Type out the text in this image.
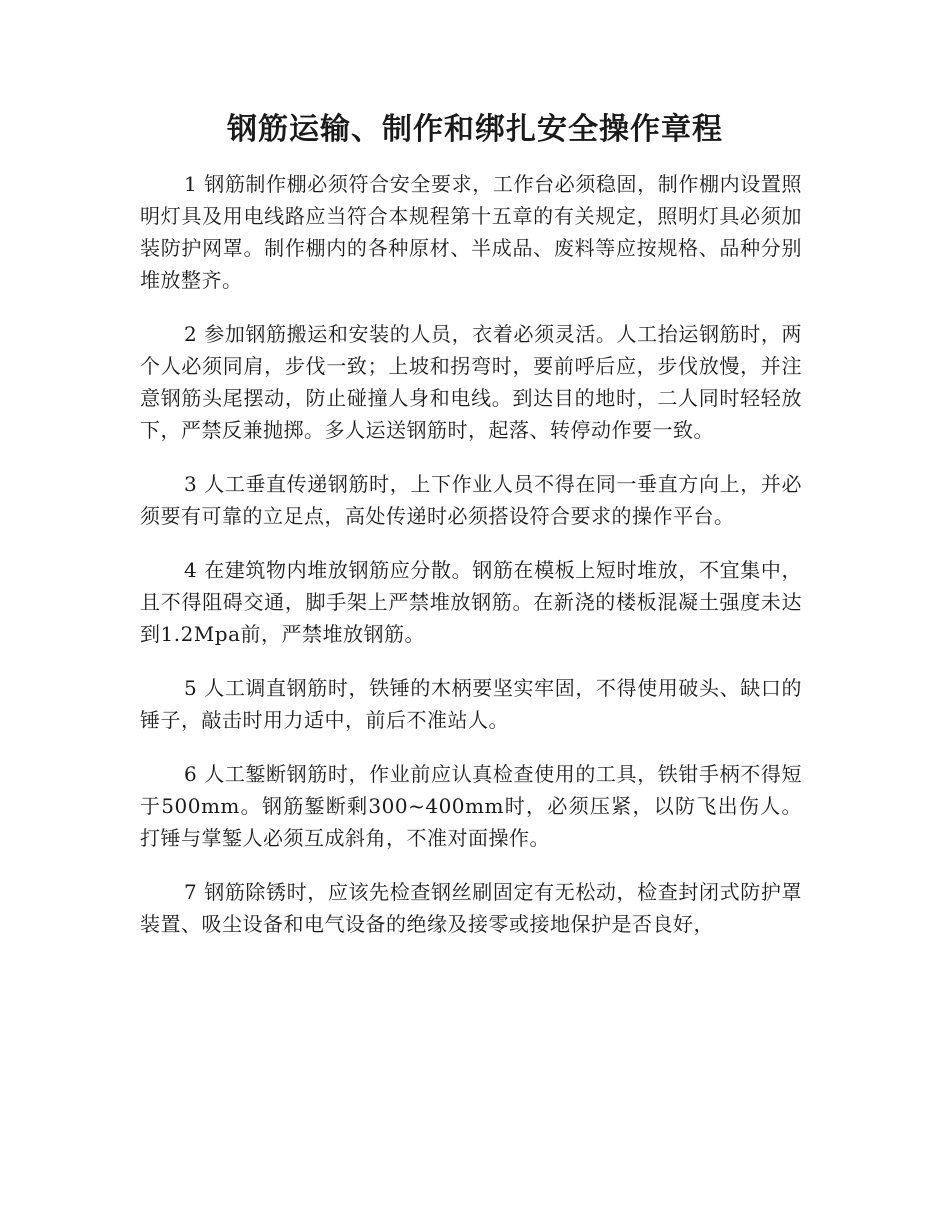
钢筋运输、制作和绑扎安全操作章程

1 钢筋制作棚必须符合安全要求，工作台必须稳固，制作棚内设置照明灯具及用电线路应当符合本规程第十五章的有关规定，照明灯具必须加装防护网罩。制作棚内的各种原材、半成品、废料等应按规格、品种分别堆放整齐。

2 参加钢筋搬运和安装的人员，衣着必须灵活。人工抬运钢筋时，两个人必须同肩，步伐一致；上坡和拐弯时，要前呼后应，步伐放慢，并注意钢筋头尾摆动，防止碰撞人身和电线。到达目的地时，二人同时轻轻放下，严禁反兼抛掷。多人运送钢筋时，起落、转停动作要一致。

3 人工垂直传递钢筋时，上下作业人员不得在同一垂直方向上，并必须要有可靠的立足点，高处传递时必须搭设符合要求的操作平台。

4 在建筑物内堆放钢筋应分散。钢筋在模板上短时堆放，不宜集中，且不得阻碍交通，脚手架上严禁堆放钢筋。在新浇的楼板混凝土强度未达到1.2Mpa前，严禁堆放钢筋。

5 人工调直钢筋时，铁锤的木柄要坚实牢固，不得使用破头、缺口的锤子，敲击时用力适中，前后不准站人。

6 人工錾断钢筋时，作业前应认真检查使用的工具，铁钳手柄不得短于500mm。钢筋錾断剩300~400mm时，必须压紧，以防飞出伤人。打锤与掌錾人必须互成斜角，不准对面操作。

7 钢筋除锈时，应该先检查钢丝刷固定有无松动，检查封闭式防护罩装置、吸尘设备和电气设备的绝缘及接零或接地保护是否良好，
